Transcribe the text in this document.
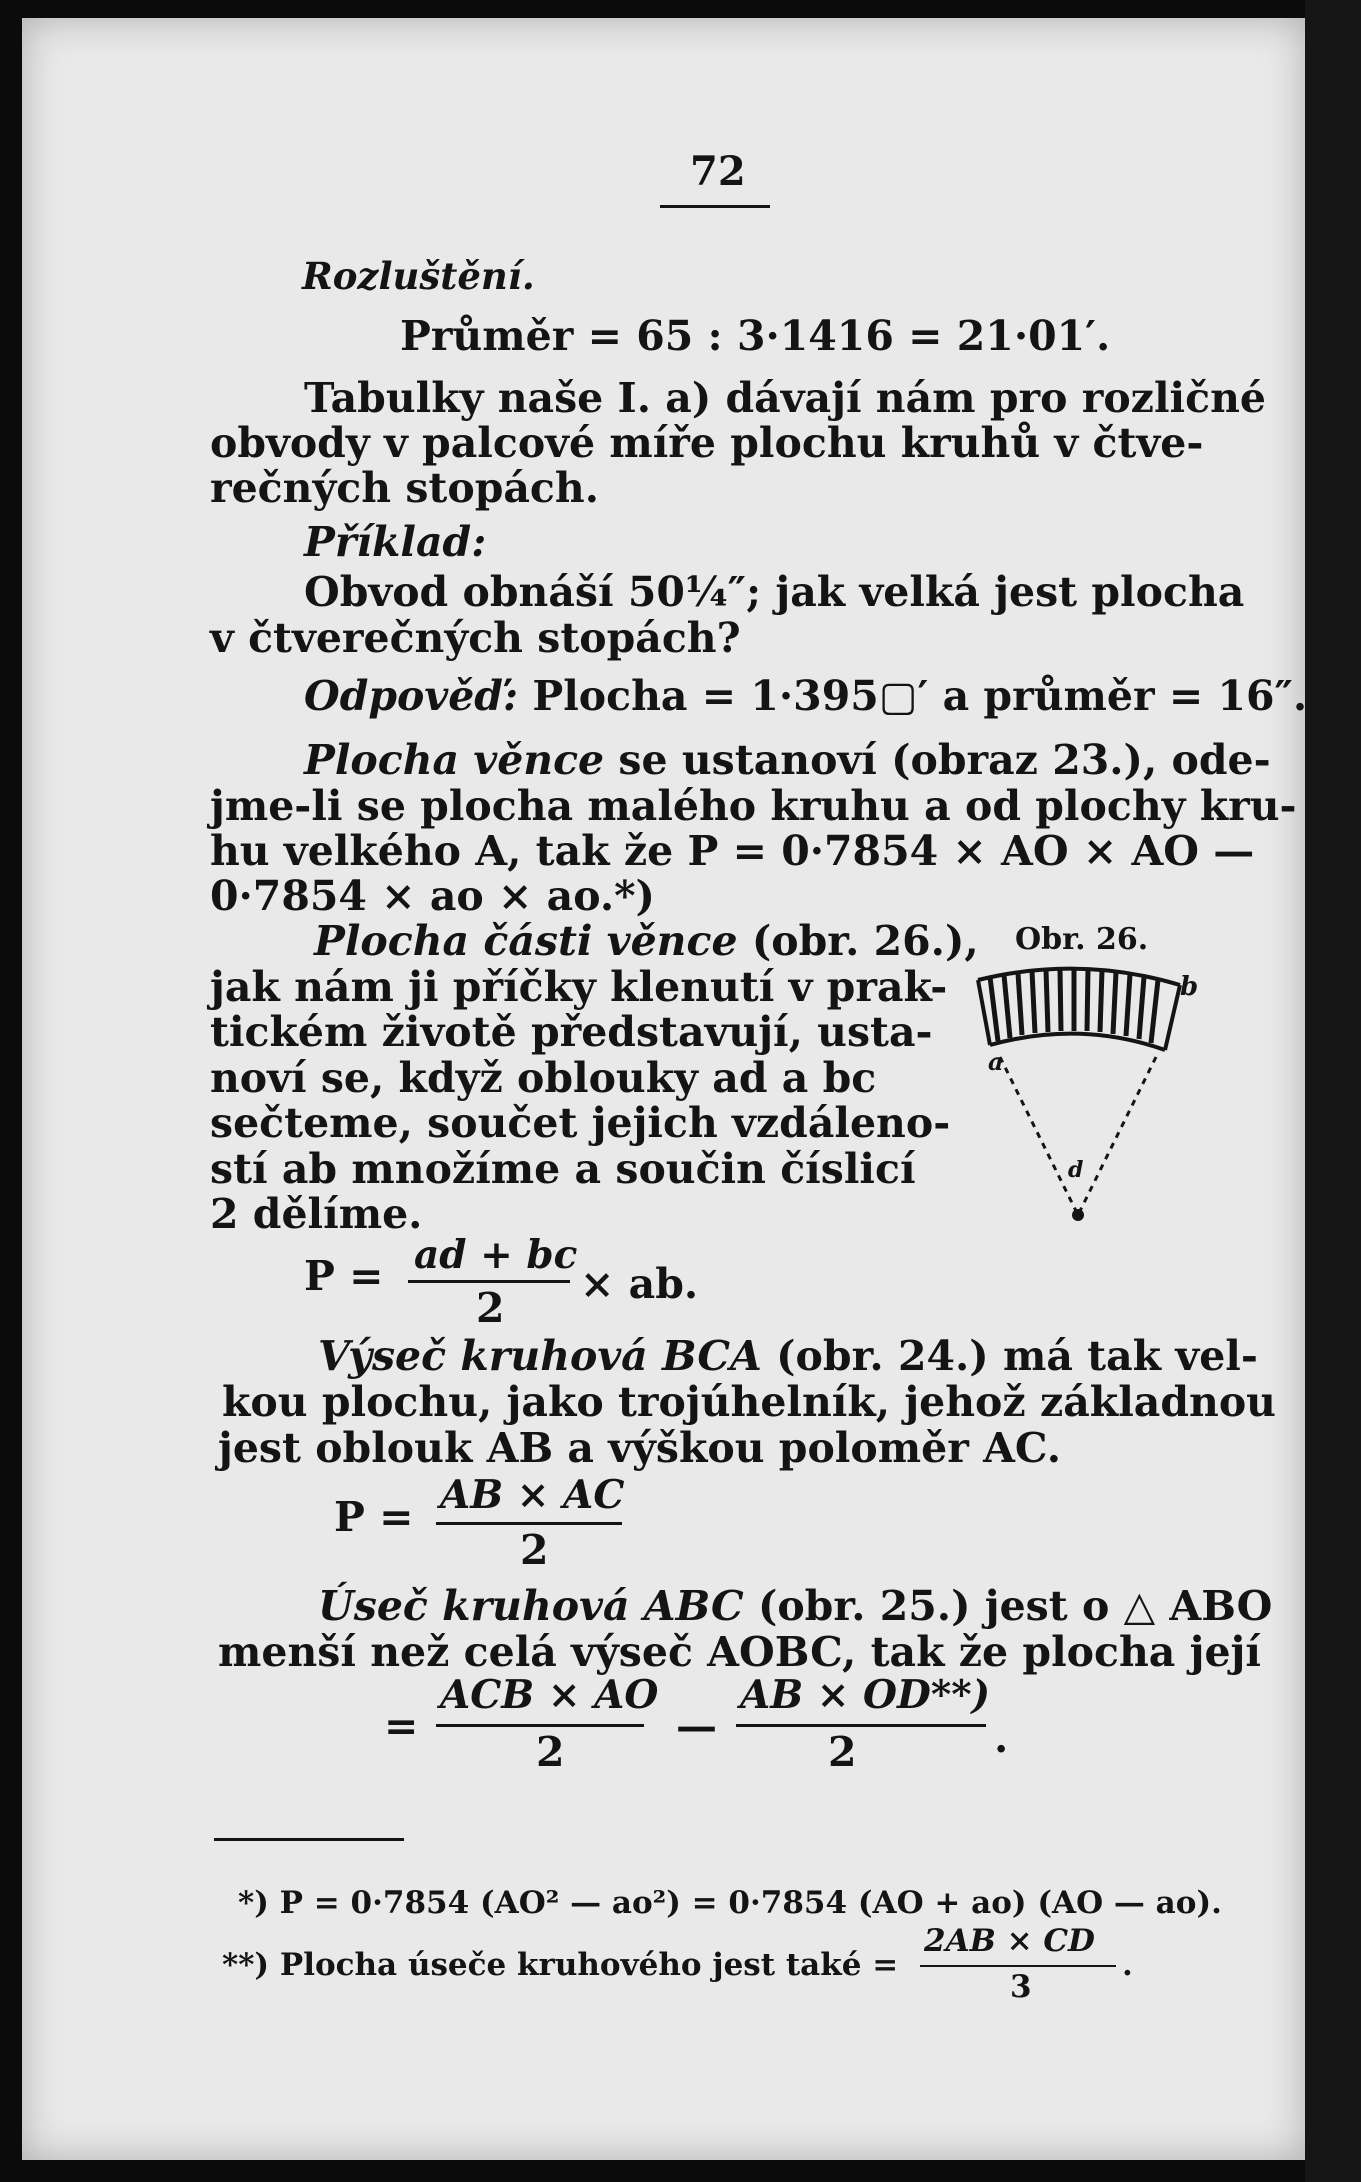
72
Rozluštění.
Průměr = 65 : 3·1416 = 21·01′.
Tabulky naše I. a) dávají nám pro rozličné
obvody v palcové míře plochu kruhů v čtve-
rečných stopách.
Příklad:
Obvod obnáší 50¼″; jak velká jest plocha
v čtverečných stopách?
Odpověď: Plocha = 1·395▢′ a průměr = 16″.
Plocha věnce se ustanoví (obraz 23.), ode-
jme-li se plocha malého kruhu a od plochy kru-
hu velkého A, tak že P = 0·7854 × AO × AO —
0·7854 × ao × ao.*)
Plocha části věnce (obr. 26.),
jak nám ji příčky klenutí v prak-
tickém životě představují, usta-
noví se, když oblouky ad a bc
sečteme, součet jejich vzdáleno-
stí ab množíme a součin číslicí
2 dělíme.
Obr. 26.
a
b
d
P = ad + bc
2 × ab.
Výseč kruhová BCA (obr. 24.) má tak vel-
kou plochu, jako trojúhelník, jehož základnou
jest oblouk AB a výškou poloměr AC.
P = AB × AC
2
Úseč kruhová ABC (obr. 25.) jest o △ ABO
menší než celá výseč AOBC, tak že plocha její
=
ACB × AO
2
—
AB × OD**)
2	.
*) P = 0·7854 (AO² — ao²) = 0·7854 (AO + ao) (AO — ao).
**) Plocha úseče kruhového jest také =
2AB × CD
3
.
